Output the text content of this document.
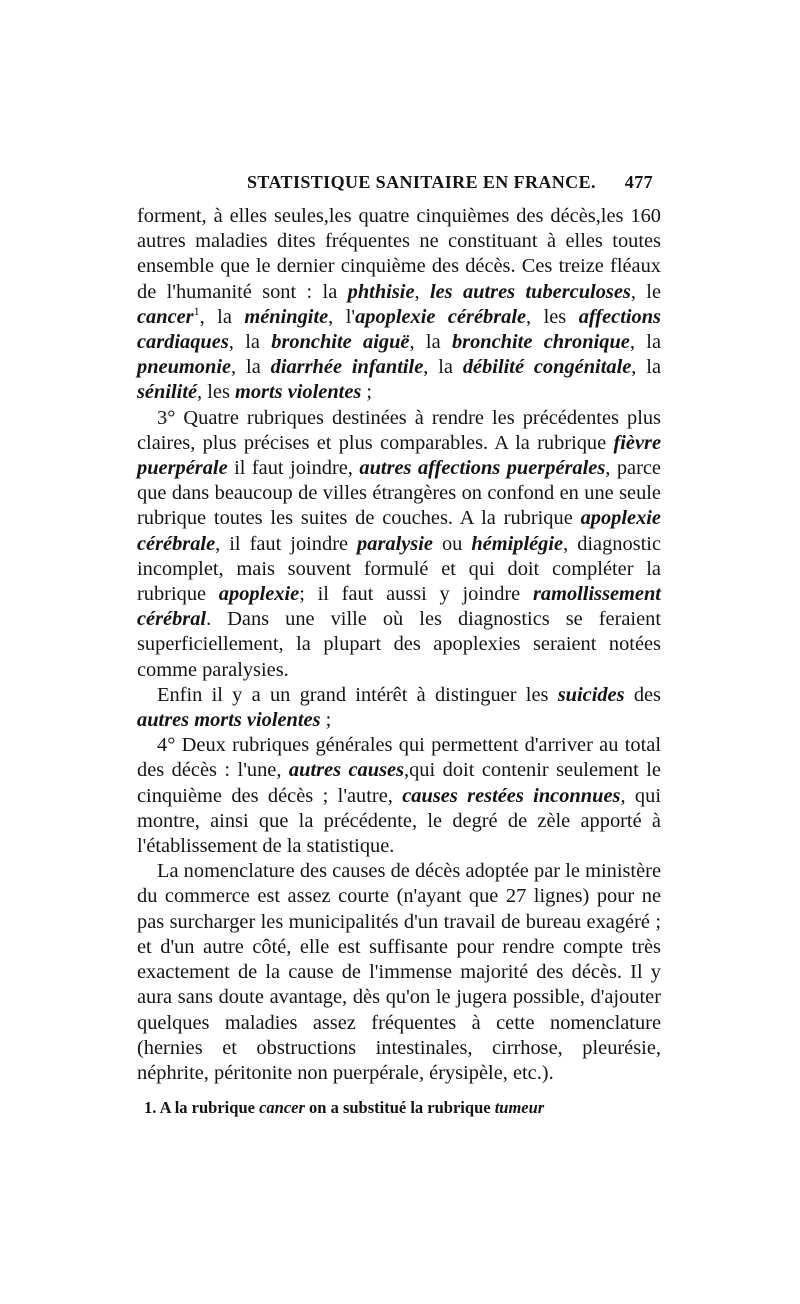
STATISTIQUE SANITAIRE EN FRANCE. 477

forment, à elles seules,les quatre cinquièmes des décès,les 160 autres maladies dites fréquentes ne constituant à elles toutes ensemble que le dernier cinquième des décès. Ces treize fléaux de l'humanité sont : la phthisie, les autres tuberculoses, le cancer$^1$, la méningite, l'apoplexie cérébrale, les affections cardiaques, la bronchite aiguë, la bronchite chronique, la pneumonie, la diarrhée infantile, la débilité congénitale, la sénilité, les morts violentes ;

3° Quatre rubriques destinées à rendre les précédentes plus claires, plus précises et plus comparables. A la rubrique fièvre puerpérale il faut joindre, autres affections puerpérales, parce que dans beaucoup de villes étrangères on confond en une seule rubrique toutes les suites de couches. A la rubrique apoplexie cérébrale, il faut joindre paralysie ou hémiplégie, diagnostic incomplet, mais souvent formulé et qui doit compléter la rubrique apoplexie; il faut aussi y joindre ramollissement cérébral. Dans une ville où les diagnostics se feraient superficiellement, la plupart des apoplexies seraient notées comme paralysies.

Enfin il y a un grand intérêt à distinguer les suicides des autres morts violentes ;

4° Deux rubriques générales qui permettent d'arriver au total des décès : l'une, autres causes,qui doit contenir seulement le cinquième des décès ; l'autre, causes restées inconnues, qui montre, ainsi que la précédente, le degré de zèle apporté à l'établissement de la statistique.

La nomenclature des causes de décès adoptée par le ministère du commerce est assez courte (n'ayant que 27 lignes) pour ne pas surcharger les municipalités d'un travail de bureau exagéré ; et d'un autre côté, elle est suffisante pour rendre compte très exactement de la cause de l'immense majorité des décès. Il y aura sans doute avantage, dès qu'on le jugera possible, d'ajouter quelques maladies assez fréquentes à cette nomenclature (hernies et obstructions intestinales, cirrhose, pleurésie, néphrite, péritonite non puerpérale, érysipèle, etc.).

1. A la rubrique cancer on a substitué la rubrique tumeur
